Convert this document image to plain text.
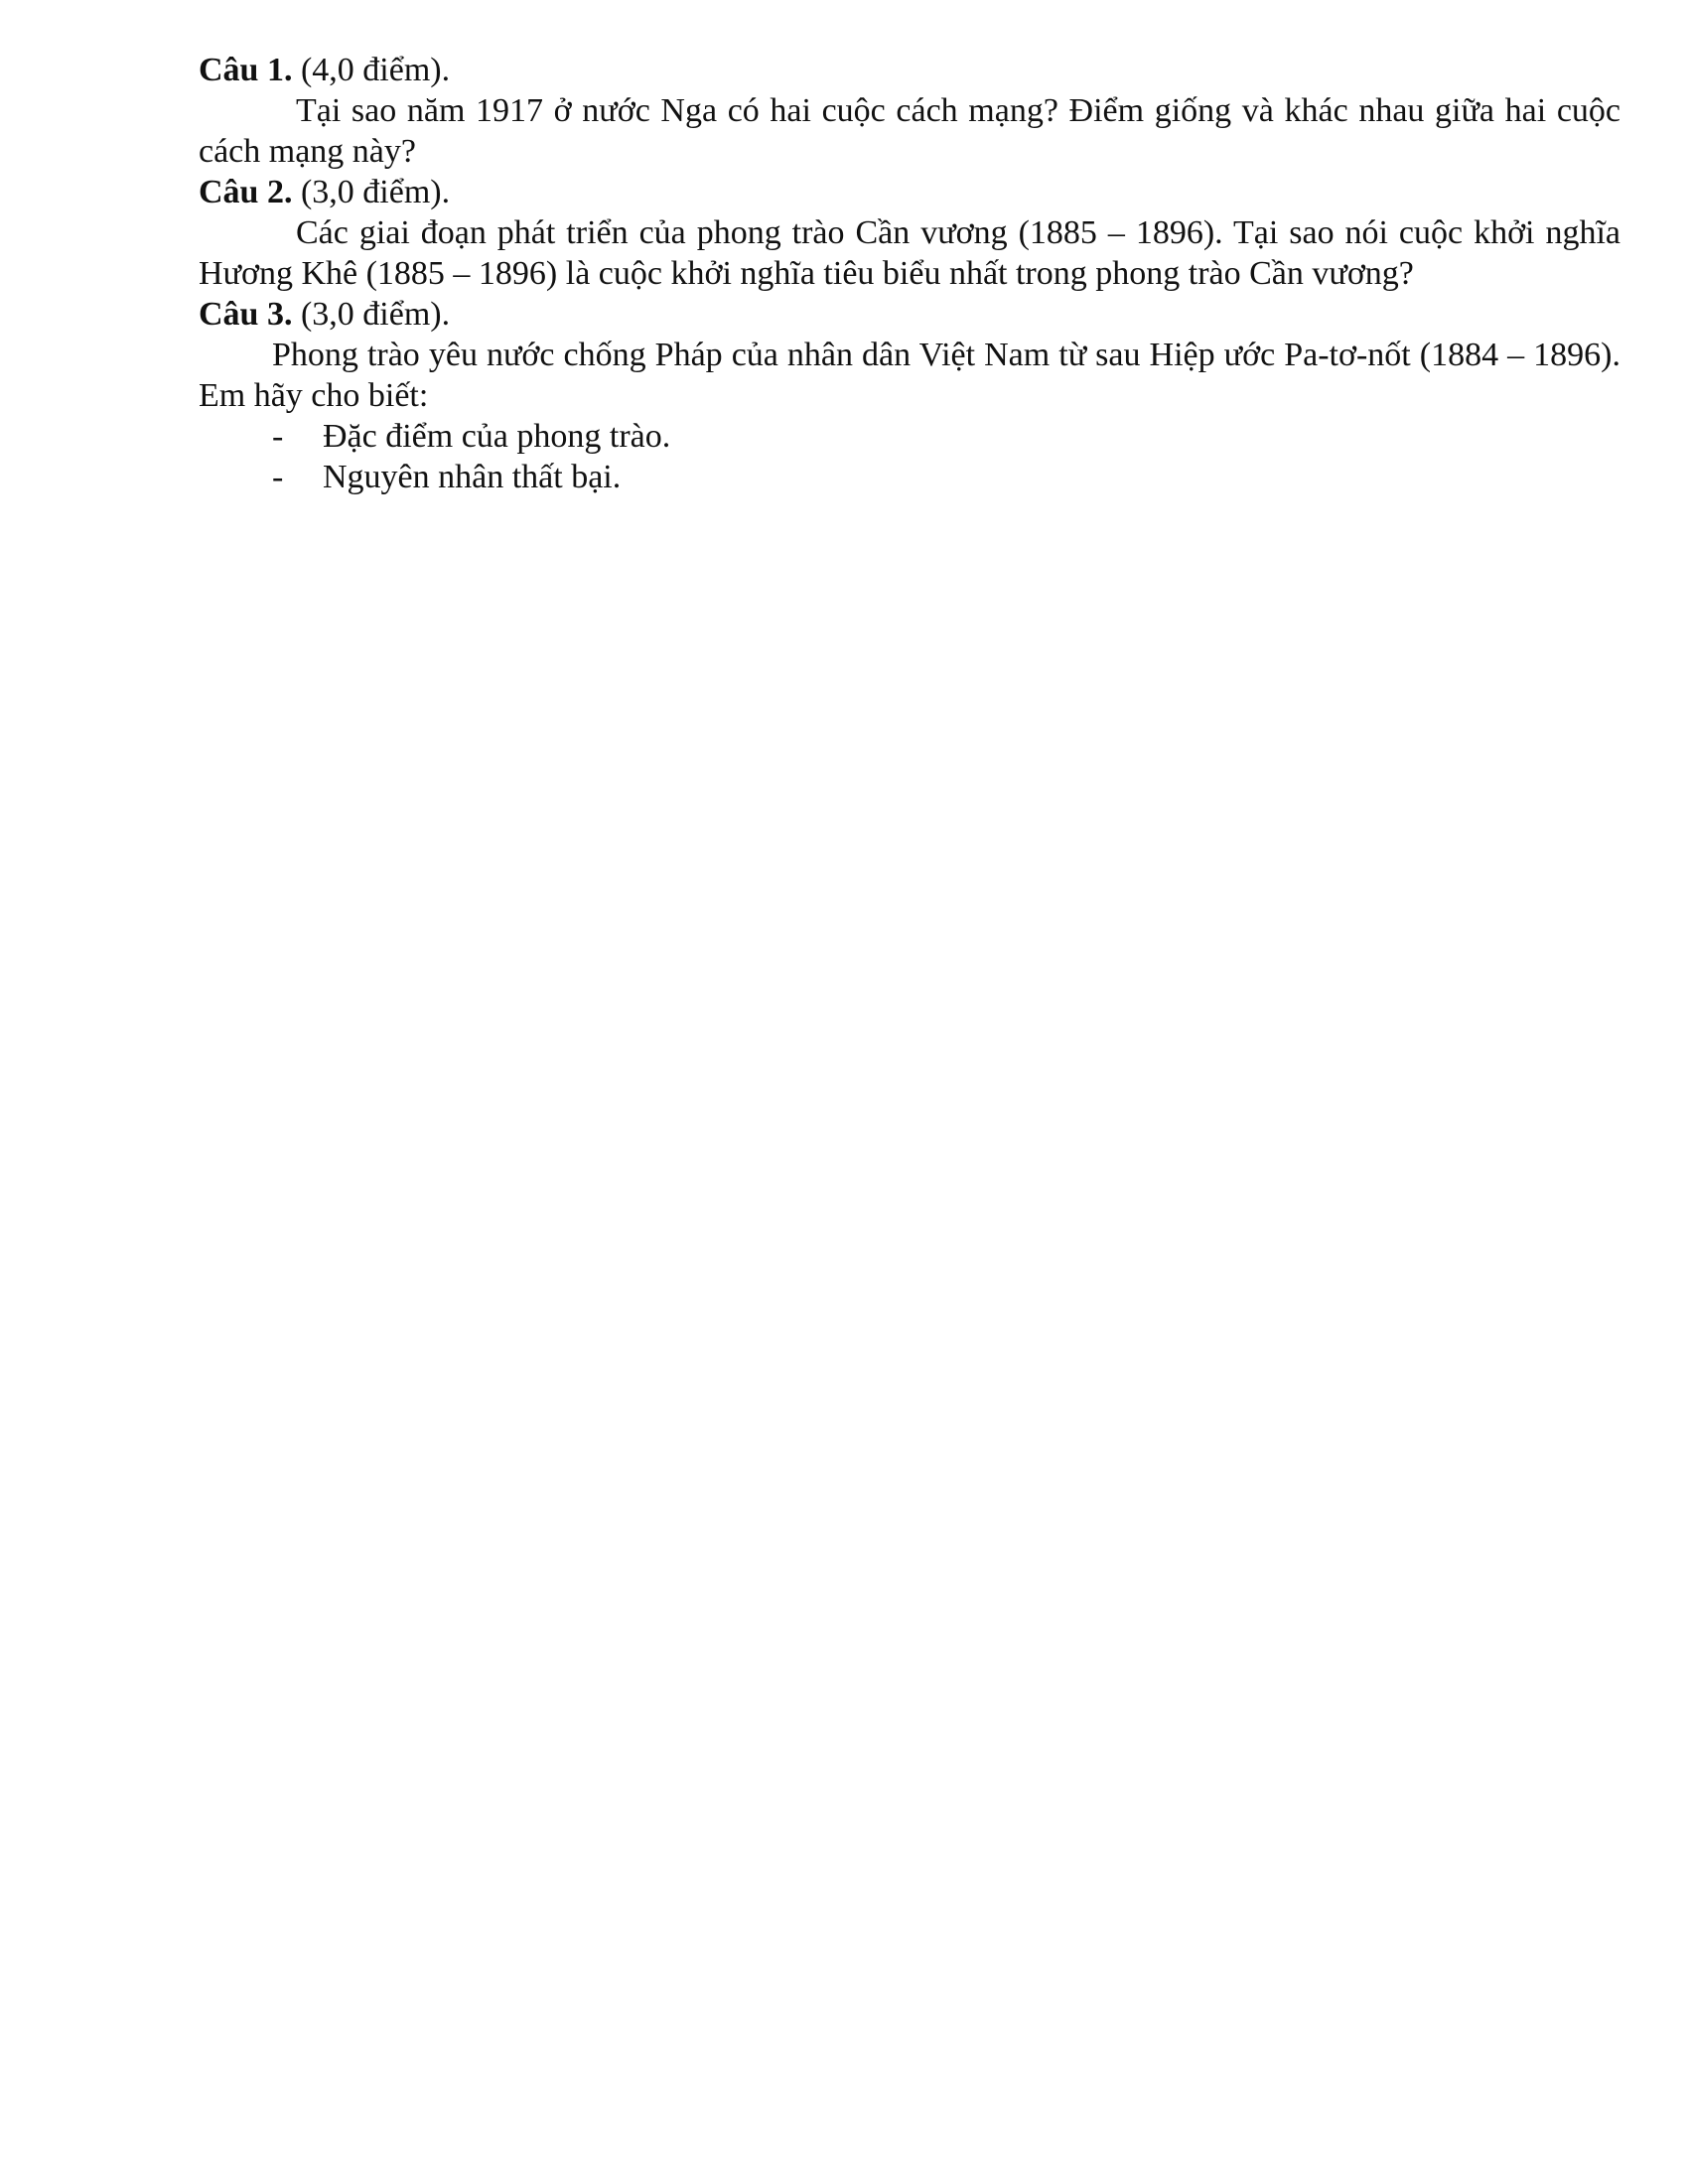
Câu 1. (4,0 điểm).

Tại sao năm 1917 ở nước Nga có hai cuộc cách mạng? Điểm giống và khác nhau giữa hai cuộc cách mạng này?

Câu 2. (3,0 điểm).

Các giai đoạn phát triển của phong trào Cần vương (1885 – 1896). Tại sao nói cuộc khởi nghĩa Hương Khê (1885 – 1896) là cuộc khởi nghĩa tiêu biểu nhất trong phong trào Cần vương?

Câu 3. (3,0 điểm).

Phong trào yêu nước chống Pháp của nhân dân Việt Nam từ sau Hiệp ước Pa-tơ-nốt (1884 – 1896). Em hãy cho biết:

- Đặc điểm của phong trào.
- Nguyên nhân thất bại.
